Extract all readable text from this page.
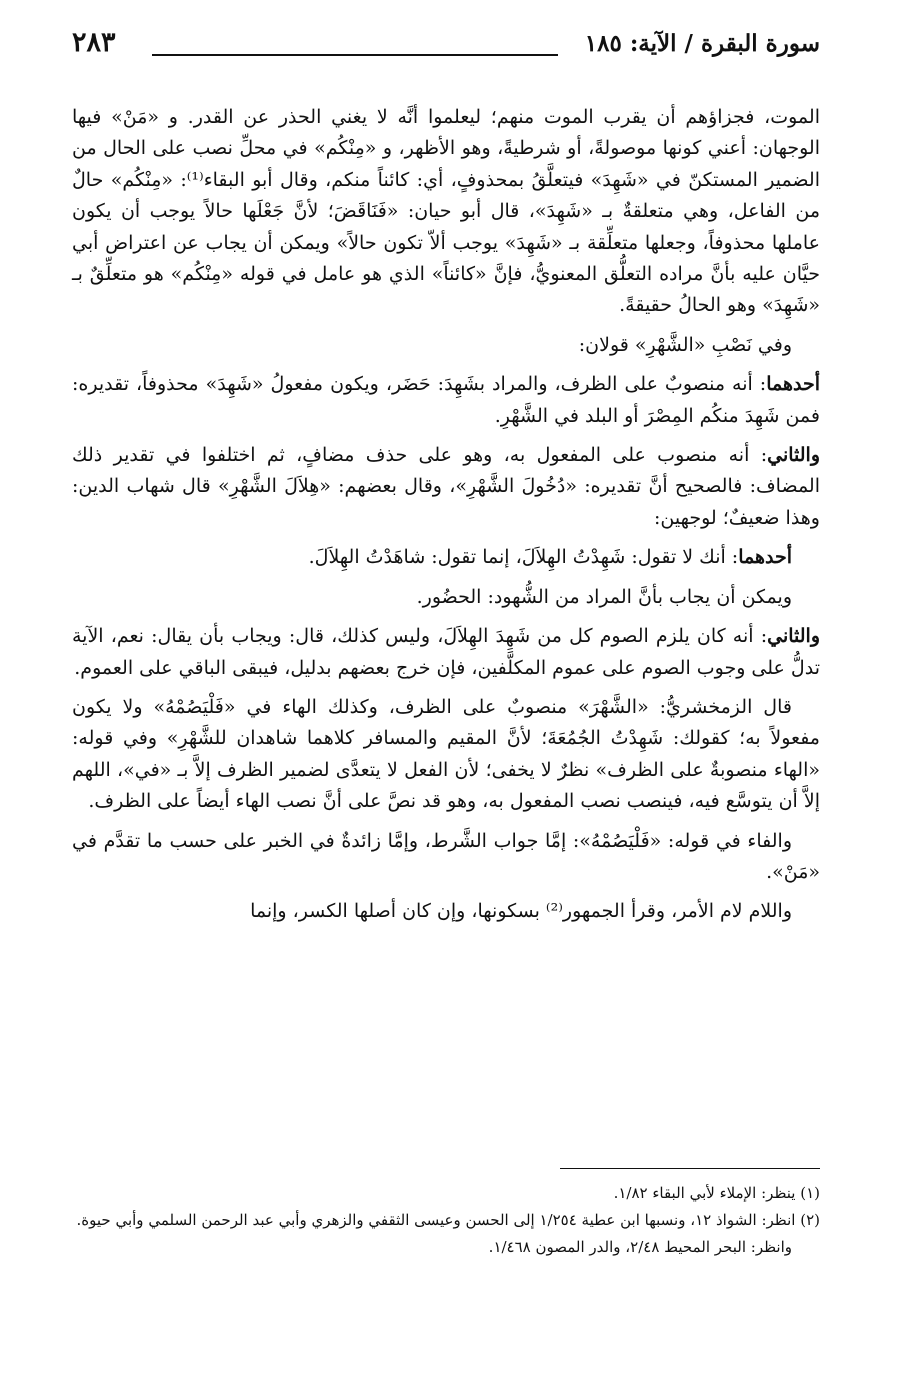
سورة البقرة / الآية: ١٨٥
٢٨٣

الموت، فجزاؤهم أن يقرب الموت منهم؛ ليعلموا أنَّه لا يغني الحذر عن القدر. و «مَنْ» فيها الوجهان: أعني كونها موصولةً، أو شرطيةً، وهو الأظهر، و «مِنْكُم» في محلِّ نصب على الحال من الضمير المستكنّ في «شَهِدَ» فيتعلَّقُ بمحذوفٍ، أي: كائناً منكم، وقال أبو البقاء⁽¹⁾: «مِنْكُم» حالٌ من الفاعل، وهي متعلقةٌ بـ «شَهِدَ»، قال أبو حيان: «فَنَاقَضَ؛ لأنَّ جَعْلَها حالاً يوجب أن يكون عاملها محذوفاً، وجعلها متعلِّقة بـ «شَهِدَ» يوجب ألاّ تكون حالاً» ويمكن أن يجاب عن اعتراض أبي حيَّان عليه بأنَّ مراده التعلُّق المعنويُّ، فإنَّ «كائناً» الذي هو عامل في قوله «مِنْكُم» هو متعلِّقٌ بـ «شَهِدَ» وهو الحالُ حقيقةً.

وفي نَصْبِ «الشَّهْرِ» قولان:

أحدهما: أنه منصوبٌ على الظرف، والمراد بشَهِدَ: حَضَر، ويكون مفعولُ «شَهِدَ» محذوفاً، تقديره: فمن شَهِدَ منكُم المِصْرَ أو البلد في الشَّهْرِ.

والثاني: أنه منصوب على المفعول به، وهو على حذف مضافٍ، ثم اختلفوا في تقدير ذلك المضاف: فالصحيح أنَّ تقديره: «دُخُولَ الشَّهْرِ»، وقال بعضهم: «هِلاَلَ الشَّهْرِ» قال شهاب الدين: وهذا ضعيفٌ؛ لوجهين:

أحدهما: أنك لا تقول: شَهِدْتُ الهِلاَلَ، إنما تقول: شاهَدْتُ الهِلاَلَ.

ويمكن أن يجاب بأنَّ المراد من الشُّهود: الحضُور.

والثاني: أنه كان يلزم الصوم كل من شَهِدَ الهِلاَلَ، وليس كذلك، قال: ويجاب بأن يقال: نعم، الآية تدلُّ على وجوب الصوم على عموم المكلَّفين، فإن خرج بعضهم بدليل، فيبقى الباقي على العموم.

قال الزمخشريُّ: «الشَّهْرَ» منصوبٌ على الظرف، وكذلك الهاء في «فَلْيَصُمْهُ» ولا يكون مفعولاً به؛ كقولك: شَهِدْتُ الجُمُعَةَ؛ لأنَّ المقيم والمسافر كلاهما شاهدان للشَّهْرِ» وفي قوله: «الهاء منصوبةٌ على الظرف» نظرٌ لا يخفى؛ لأن الفعل لا يتعدَّى لضمير الظرف إلاَّ بـ «في»، اللهم إلاَّ أن يتوسَّع فيه، فينصب نصب المفعول به، وهو قد نصَّ على أنَّ نصب الهاء أيضاً على الظرف.

والفاء في قوله: «فَلْيَصُمْهُ»: إمَّا جواب الشَّرط، وإمَّا زائدةٌ في الخبر على حسب ما تقدَّم في «مَنْ».

واللام لام الأمر، وقرأ الجمهور⁽²⁾ بسكونها، وإن كان أصلها الكسر، وإنما

(١) ينظر: الإملاء لأبي البقاء ١/٨٢.

(٢) انظر: الشواذ ١٢، ونسبها ابن عطية ١/٢٥٤ إلى الحسن وعيسى الثقفي والزهري وأبي عبد الرحمن السلمي وأبي حيوة.

وانظر: البحر المحيط ٢/٤٨، والدر المصون ١/٤٦٨.
